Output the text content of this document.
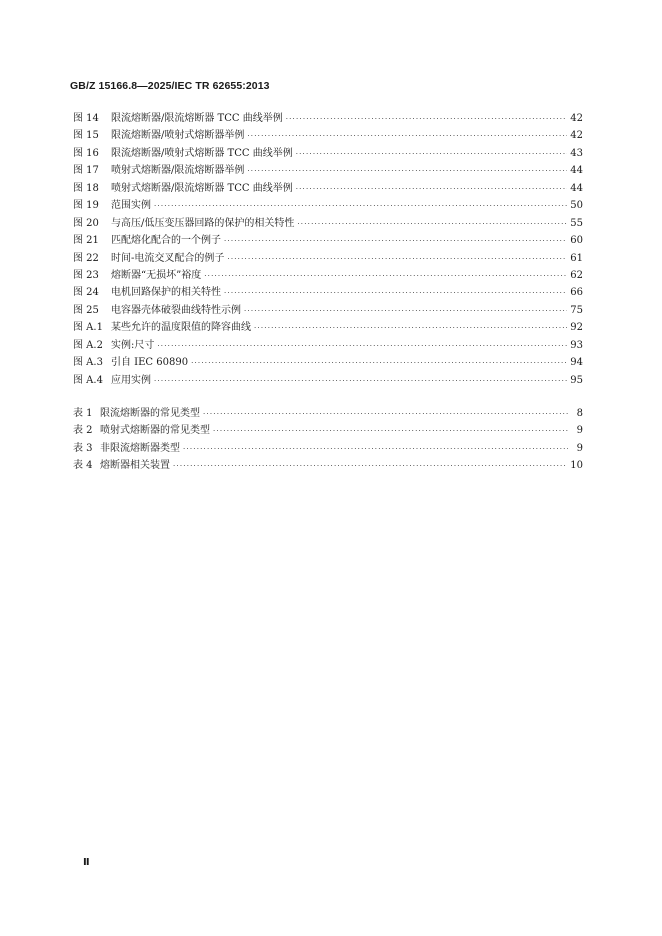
GB/Z 15166.8—2025/IEC TR 62655:2013
图 14	限流熔断器/限流熔断器 TCC 曲线举例 ·····	42
图 15	限流熔断器/喷射式熔断器举例 ·····	42
图 16	限流熔断器/喷射式熔断器 TCC 曲线举例 ·····	43
图 17	喷射式熔断器/限流熔断器举例 ·····	44
图 18	喷射式熔断器/限流熔断器 TCC 曲线举例 ·····	44
图 19	范围实例 ·····	50
图 20	与高压/低压变压器回路的保护的相关特性 ·····	55
图 21	匹配熔化配合的一个例子 ·····	60
图 22	时间-电流交叉配合的例子 ·····	61
图 23	熔断器“无损坏”裕度 ·····	62
图 24	电机回路保护的相关特性 ·····	66
图 25	电容器壳体破裂曲线特性示例 ·····	75
图 A.1 某些允许的温度限值的降容曲线 ·····	92
图 A.2 实例:尺寸 ·····	93
图 A.3 引自 IEC 60890 ·····	94
图 A.4 应用实例 ·····	95
表 1 限流熔断器的常见类型 ·····	8
表 2 喷射式熔断器的常见类型 ·····	9
表 3 非限流熔断器类型 ·····	9
表 4 熔断器相关装置 ·····	10
Ⅱ
